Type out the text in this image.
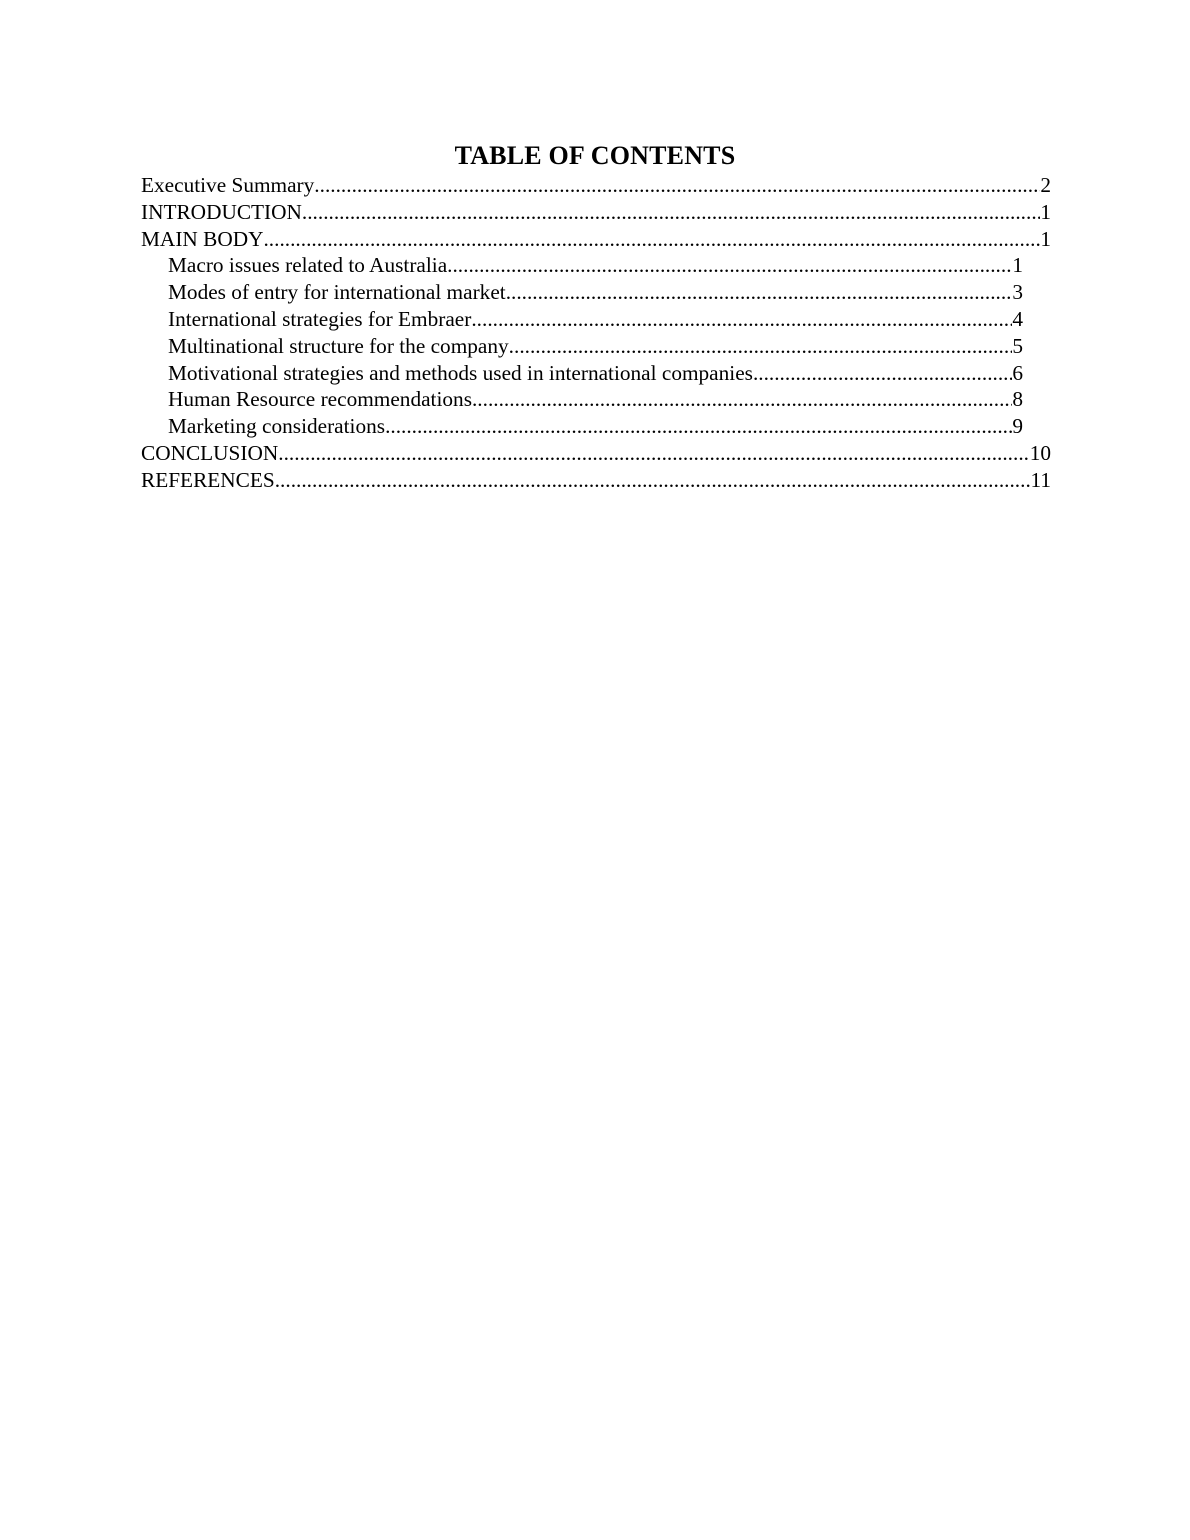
TABLE OF CONTENTS
Executive Summary .....	2
INTRODUCTION .....	1
MAIN BODY .....	1
Macro issues related to Australia .....	1
Modes of entry for international market .....	3
International strategies for Embraer .....	4
Multinational structure for the company .....	5
Motivational strategies and methods used in international companies .....	6
Human Resource recommendations .....	8
Marketing considerations .....	9
CONCLUSION .....	10
REFERENCES .....	11
